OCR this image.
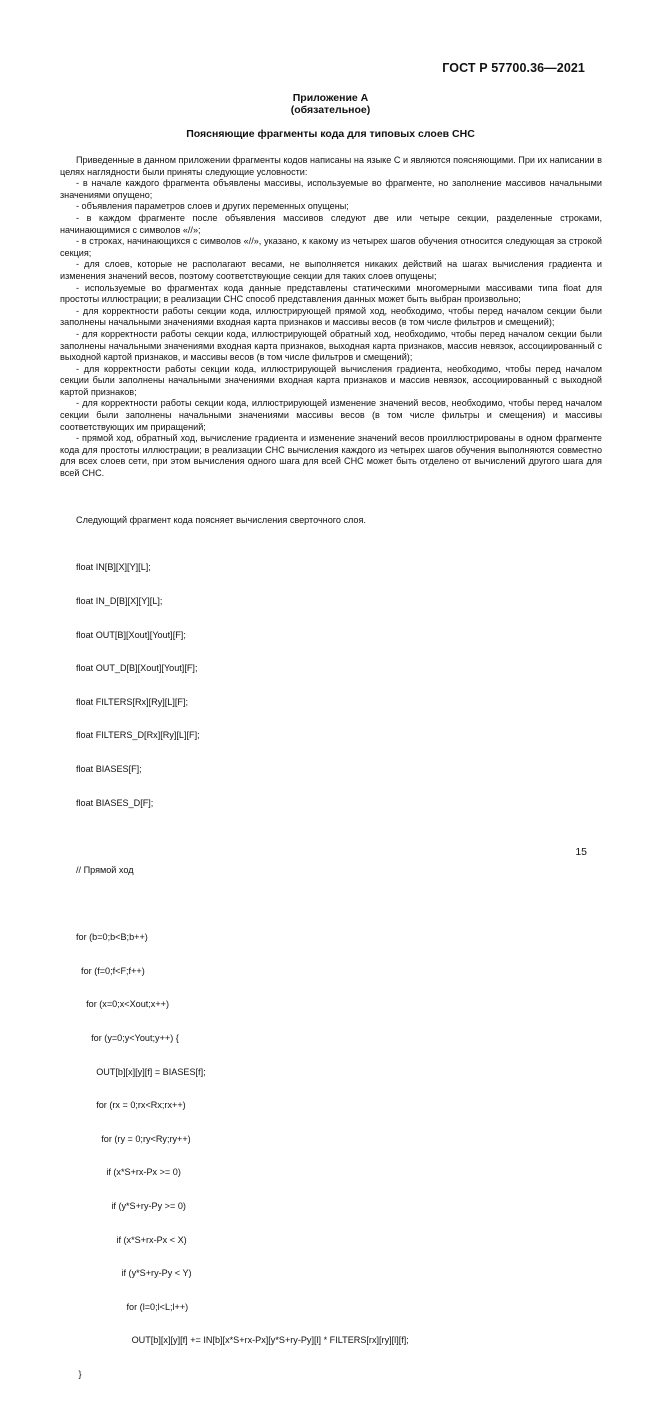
ГОСТ Р 57700.36—2021
Приложение А
(обязательное)
Поясняющие фрагменты кода для типовых слоев СНС

Приведенные в данном приложении фрагменты кодов написаны на языке C и являются поясняющими. При их написании в целях наглядности были приняты следующие условности:

- в начале каждого фрагмента объявлены массивы, используемые во фрагменте, но заполнение массивов начальными значениями опущено;

- объявления параметров слоев и других переменных опущены;

- в каждом фрагменте после объявления массивов следуют две или четыре секции, разделенные строками, начинающимися с символов «//»;

- в строках, начинающихся с символов «//», указано, к какому из четырех шагов обучения относится следующая за строкой секция;

- для слоев, которые не располагают весами, не выполняется никаких действий на шагах вычисления градиента и изменения значений весов, поэтому соответствующие секции для таких слоев опущены;

- используемые во фрагментах кода данные представлены статическими многомерными массивами типа float для простоты иллюстрации; в реализации СНС способ представления данных может быть выбран произвольно;

- для корректности работы секции кода, иллюстрирующей прямой ход, необходимо, чтобы перед началом секции были заполнены начальными значениями входная карта признаков и массивы весов (в том числе фильтров и смещений);

- для корректности работы секции кода, иллюстрирующей обратный ход, необходимо, чтобы перед началом секции были заполнены начальными значениями входная карта признаков, выходная карта признаков, массив невязок, ассоциированный с выходной картой признаков, и массивы весов (в том числе фильтров и смещений);

- для корректности работы секции кода, иллюстрирующей вычисления градиента, необходимо, чтобы перед началом секции были заполнены начальными значениями входная карта признаков и массив невязок, ассоциированный с выходной картой признаков;

- для корректности работы секции кода, иллюстрирующей изменение значений весов, необходимо, чтобы перед началом секции были заполнены начальными значениями массивы весов (в том числе фильтры и смещения) и массивы соответствующих им приращений;

- прямой ход, обратный ход, вычисление градиента и изменение значений весов проиллюстрированы в одном фрагменте кода для простоты иллюстрации; в реализации СНС вычисления каждого из четырех шагов обучения выполняются совместно для всех слоев сети, при этом вычисления одного шага для всей СНС может быть отделено от вычислений другого шага для всей СНС.

Следующий фрагмент кода поясняет вычисления сверточного слоя.

float IN[B][X][Y][L];

float IN_D[B][X][Y][L];

float OUT[B][Xout][Yout][F];

float OUT_D[B][Xout][Yout][F];

float FILTERS[Rx][Ry][L][F];

float FILTERS_D[Rx][Ry][L][F];

float BIASES[F];

float BIASES_D[F];

// Прямой ход

for (b=0;b<B;b++)

for (f=0;f<F;f++)

for (x=0;x<Xout;x++)

for (y=0;y<Yout;y++) {

OUT[b][x][y][f] = BIASES[f];

for (rx = 0;rx<Rx;rx++)

for (ry = 0;ry<Ry;ry++)

if (x*S+rx-Px >= 0)

if (y*S+ry-Py >= 0)

if (x*S+rx-Px < X)

if (y*S+ry-Py < Y)

for (l=0;l<L;l++)

OUT[b][x][y][f] += IN[b][x*S+rx-Px][y*S+ry-Py][l] * FILTERS[rx][ry][l][f];

}

15
